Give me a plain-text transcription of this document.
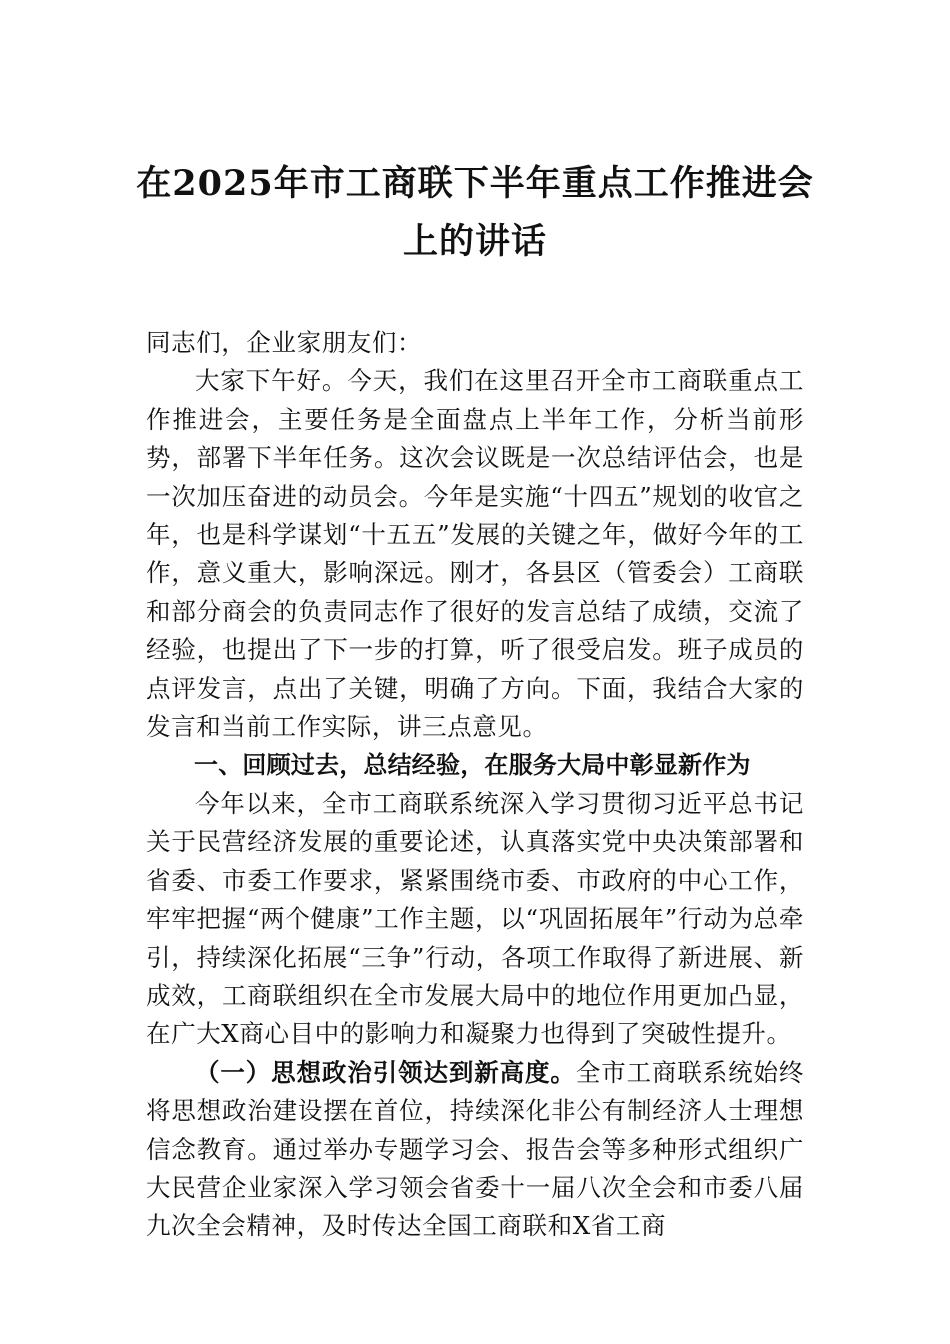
在2025年市工商联下半年重点工作推进会
上的讲话

同志们，企业家朋友们：

大家下午好。今天，我们在这里召开全市工商联重点工作推进会，主要任务是全面盘点上半年工作，分析当前形势，部署下半年任务。这次会议既是一次总结评估会，也是一次加压奋进的动员会。今年是实施“十四五”规划的收官之年，也是科学谋划“十五五”发展的关键之年，做好今年的工作，意义重大，影响深远。刚才，各县区（管委会）工商联和部分商会的负责同志作了很好的发言总结了成绩，交流了经验，也提出了下一步的打算，听了很受启发。班子成员的点评发言，点出了关键，明确了方向。下面，我结合大家的发言和当前工作实际，讲三点意见。

一、回顾过去，总结经验，在服务大局中彰显新作为

今年以来，全市工商联系统深入学习贯彻习近平总书记关于民营经济发展的重要论述，认真落实党中央决策部署和省委、市委工作要求，紧紧围绕市委、市政府的中心工作，牢牢把握“两个健康”工作主题，以“巩固拓展年”行动为总牵引，持续深化拓展“三争”行动，各项工作取得了新进展、新成效，工商联组织在全市发展大局中的地位作用更加凸显，在广大X商心目中的影响力和凝聚力也得到了突破性提升。

（一）思想政治引领达到新高度。全市工商联系统始终将思想政治建设摆在首位，持续深化非公有制经济人士理想信念教育。通过举办专题学习会、报告会等多种形式组织广大民营企业家深入学习领会省委十一届八次全会和市委八届九次全会精神，及时传达全国工商联和X省工商
